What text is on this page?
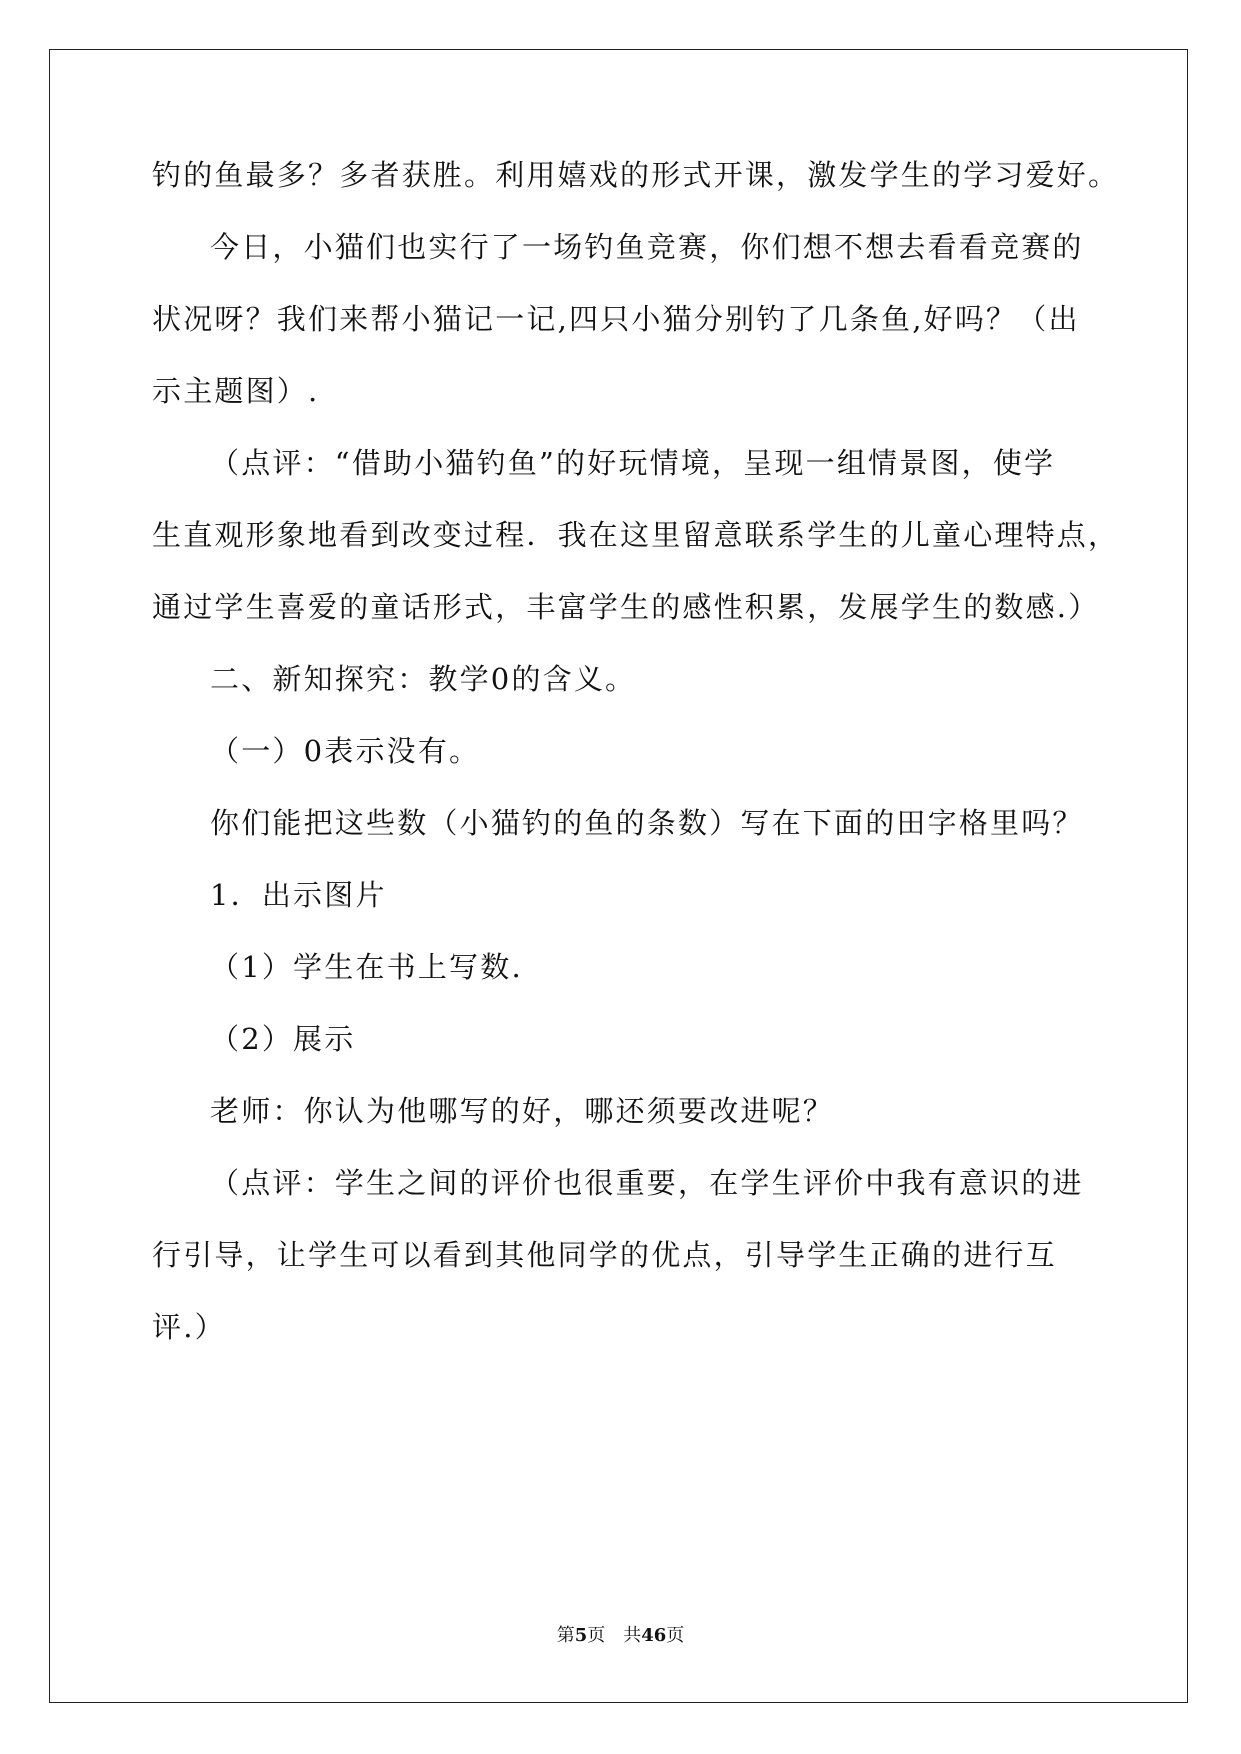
钓的鱼最多？多者获胜。利用嬉戏的形式开课，激发学生的学习爱好。
今日，小猫们也实行了一场钓鱼竞赛，你们想不想去看看竞赛的
状况呀？我们来帮小猫记一记,四只小猫分别钓了几条鱼,好吗？（出
示主题图）.
（点评：“借助小猫钓鱼”的好玩情境，呈现一组情景图，使学
生直观形象地看到改变过程．我在这里留意联系学生的儿童心理特点，
通过学生喜爱的童话形式，丰富学生的感性积累，发展学生的数感.）
二、新知探究：教学0的含义。
（一）0表示没有。
你们能把这些数（小猫钓的鱼的条数）写在下面的田字格里吗？
1．出示图片
（1）学生在书上写数.
（2）展示
老师：你认为他哪写的好，哪还须要改进呢？
（点评：学生之间的评价也很重要，在学生评价中我有意识的进
行引导，让学生可以看到其他同学的优点，引导学生正确的进行互
评.）
第5页　共46页
